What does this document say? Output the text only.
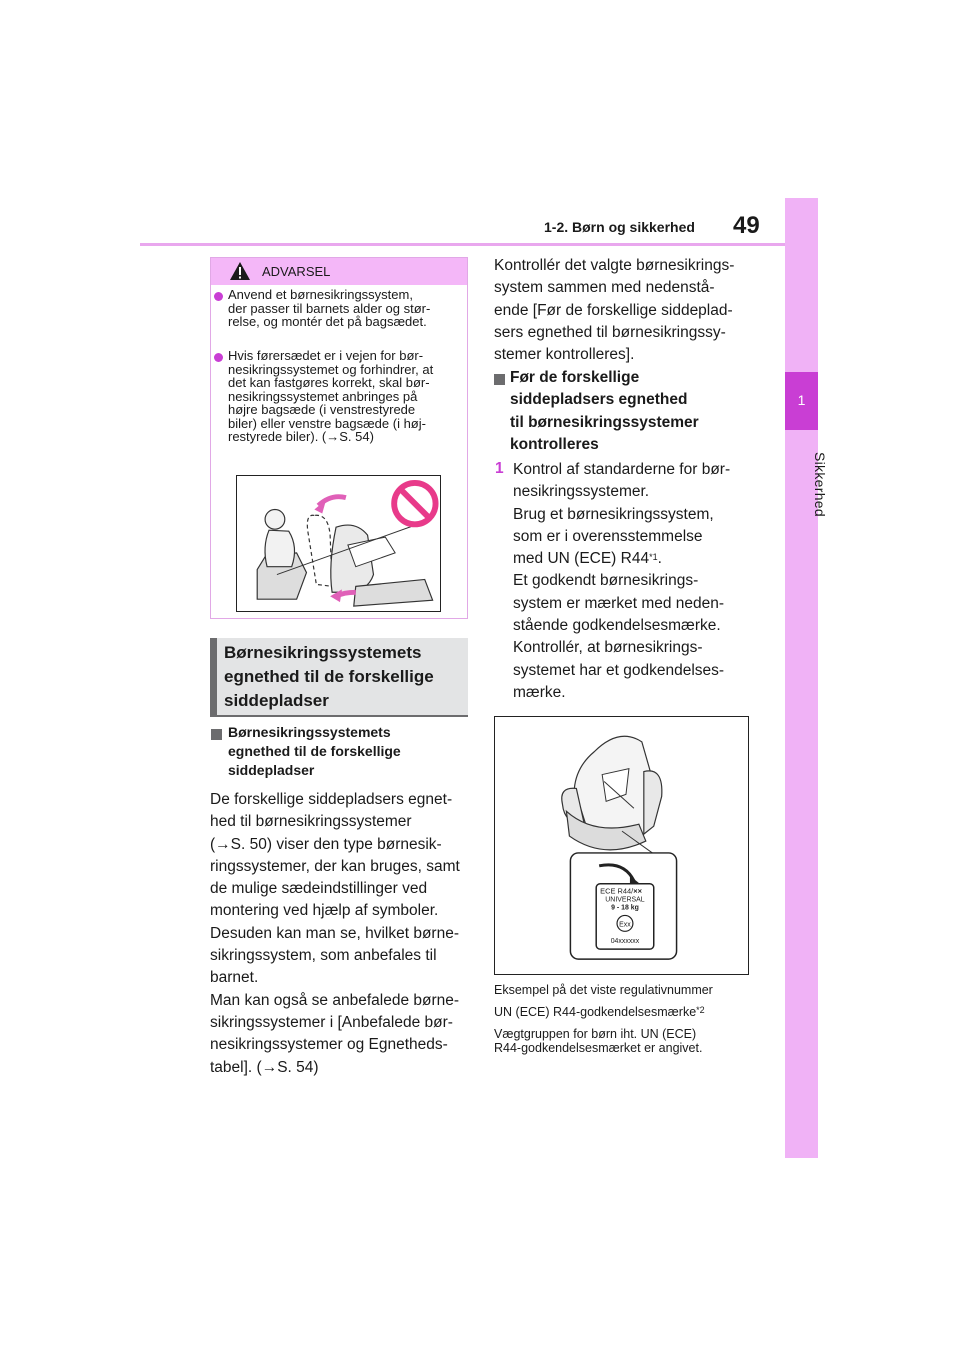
1-2. Børn og sikkerhed 49
1
Sikkerhed
ADVARSEL
Anvend et børnesikringssystem,
der passer til barnets alder og stør-
relse, og montér det på bagsædet.
Hvis førersædet er i vejen for bør-
nesikringssystemet og forhindrer, at
det kan fastgøres korrekt, skal bør-
nesikringssystemet anbringes på
højre bagsæde (i venstrestyrede
biler) eller venstre bagsæde (i høj-
restyrede biler). (→S. 54)
Børnesikringssystemets
egnethed til de forskellige
siddepladser
Børnesikringssystemets
egnethed til de forskellige
siddepladser
De forskellige siddepladsers egnet-
hed til børnesikringssystemer
(→S. 50) viser den type børnesik-
ringssystemer, der kan bruges, samt
de mulige sædeindstillinger ved
montering ved hjælp af symboler.
Desuden kan man se, hvilket børne-
sikringssystem, som anbefales til
barnet.
Man kan også se anbefalede børne-
sikringssystemer i [Anbefalede bør-
nesikringssystemer og Egnetheds-
tabel]. (→S. 54)
Kontrollér det valgte børnesikrings-
system sammen med nedenstå-
ende [Før de forskellige siddeplad-
sers egnethed til børnesikringssy-
stemer kontrolleres].
Før de forskellige
siddepladsers egnethed
til børnesikringssystemer
kontrolleres
1 Kontrol af standarderne for bør-
nesikringssystemer.
Brug et børnesikringssystem,
som er i overensstemmelse
med UN (ECE) R44$^{*1}$.
Et godkendt børnesikrings-
system er mærket med neden-
stående godkendelsesmærke.
Kontrollér, at børnesikrings-
systemet har et godkendelses-
mærke.
ECE R44/××
UNIVERSAL
9 - 18 kg
Exx
04xxxxxx
Eksempel på det viste regulativnummer
UN (ECE) R44-godkendelsesmærke$^{*2}$
Vægtgruppen for børn iht. UN (ECE)
R44-godkendelsesmærket er angivet.
